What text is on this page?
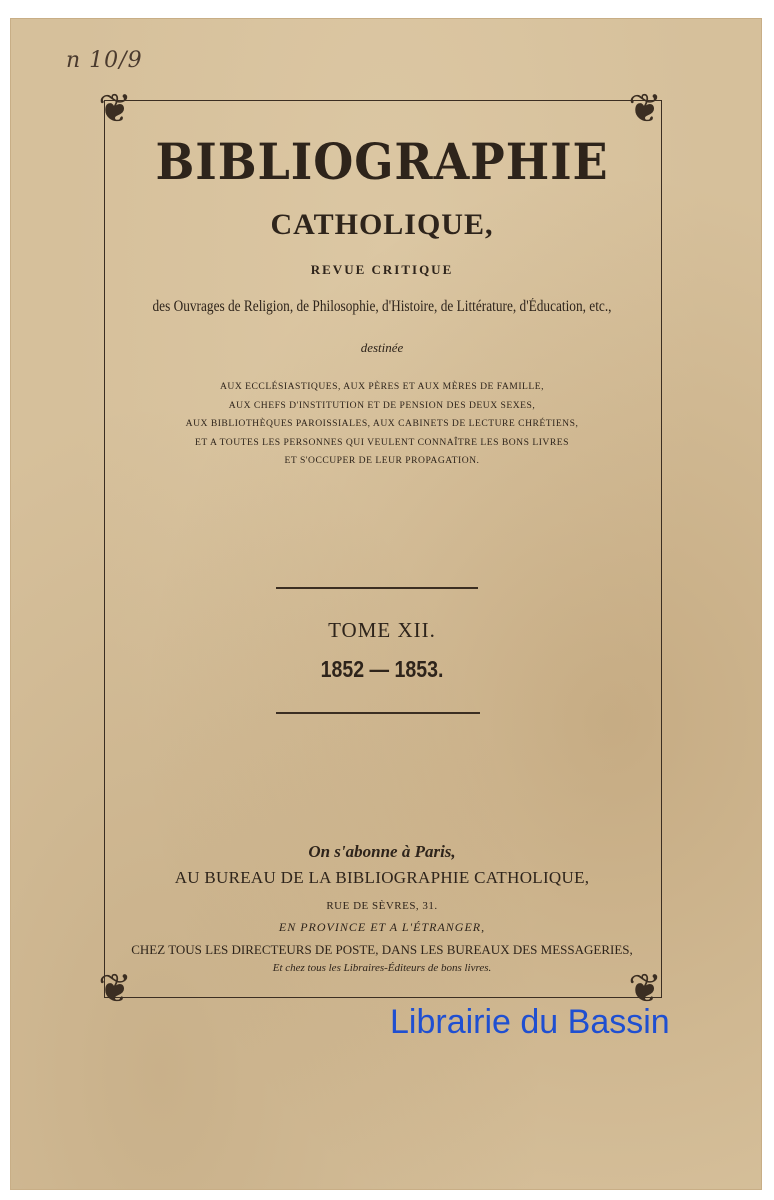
n 10/9
❦	❦
❦	❦
BIBLIOGRAPHIE
CATHOLIQUE,
REVUE CRITIQUE
des Ouvrages de Religion, de Philosophie, d'Histoire, de Littérature, d'Éducation, etc.,
destinée
AUX ECCLÉSIASTIQUES, AUX PÈRES ET AUX MÈRES DE FAMILLE,
AUX CHEFS D'INSTITUTION ET DE PENSION DES DEUX SEXES,
AUX BIBLIOTHÈQUES PAROISSIALES, AUX CABINETS DE LECTURE CHRÉTIENS,
ET A TOUTES LES PERSONNES QUI VEULENT CONNAÎTRE LES BONS LIVRES
ET S'OCCUPER DE LEUR PROPAGATION.
TOME XII.
1852 — 1853.
On s'abonne à Paris,
AU BUREAU DE LA BIBLIOGRAPHIE CATHOLIQUE,
RUE DE SÈVRES, 31.
EN PROVINCE ET A L'ÉTRANGER,
CHEZ TOUS LES DIRECTEURS DE POSTE, DANS LES BUREAUX DES MESSAGERIES,
Et chez tous les Libraires-Éditeurs de bons livres.
Librairie du Bassin
